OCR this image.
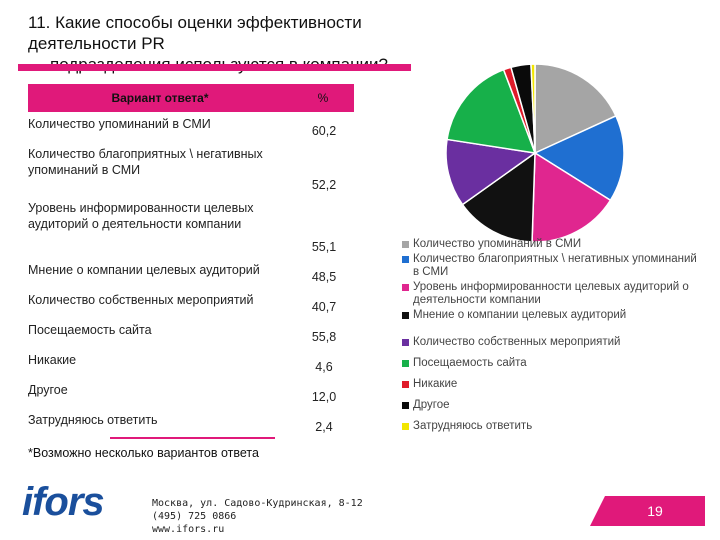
11. Какие способы оценки эффективности деятельности PR
Вариант ответа*	%
Количество упоминаний в СМИ	60,2
Количество благоприятных \ негативных упоминаний в СМИ
52,2
Уровень информированности целевых аудиторий о деятельности компании
55,1
Мнение о компании целевых аудиторий	48,5
Количество собственных мероприятий	40,7
Посещаемость сайта	55,8
Никакие	4,6
Другое	12,0
Затрудняюсь ответить	2,4
*Возможно несколько вариантов ответа
Количество упоминаний в СМИ
Количество благоприятных \ негативных упоминаний в СМИ
Уровень информированности целевых аудиторий о деятельности компании
Мнение о компании целевых аудиторий
Количество собственных мероприятий
Посещаемость сайта
Никакие
Другое
Затрудняюсь ответить
ifors	Москва, ул. Садово-Кудринская, 8-12
(495) 725 0866
www.ifors.ru
19
